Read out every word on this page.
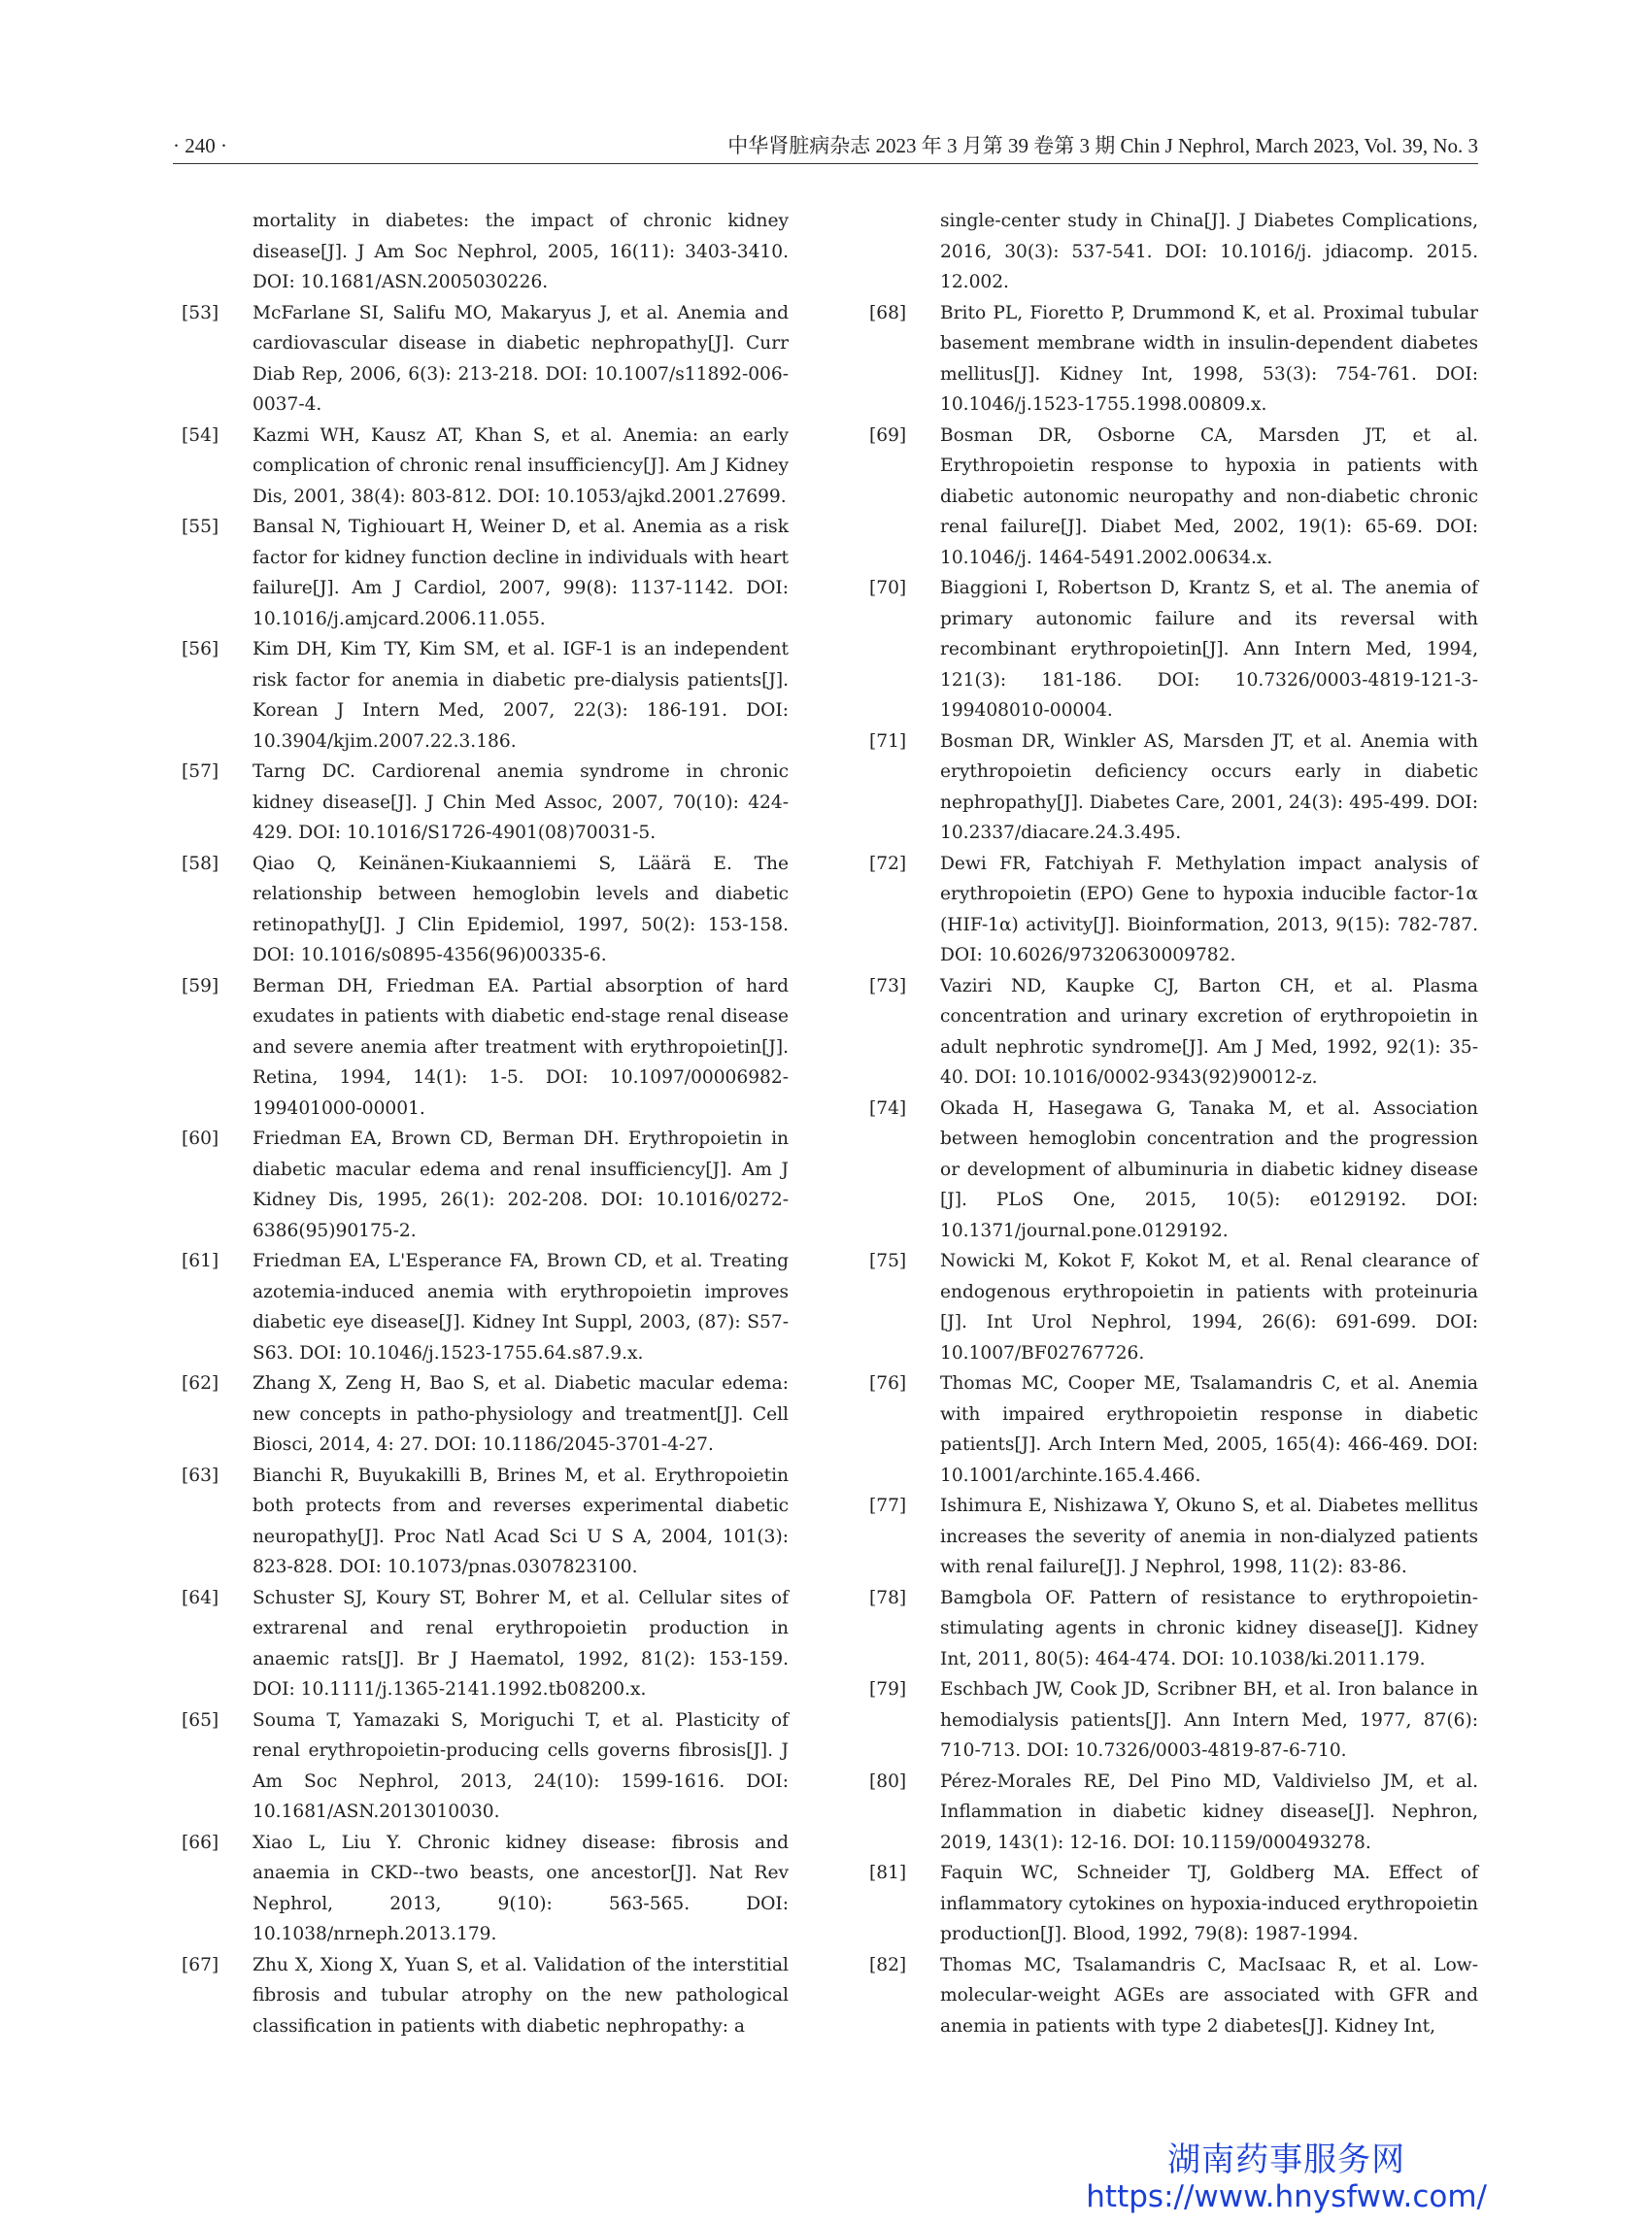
· 240 ·	中华肾脏病杂志 2023 年 3 月第 39 卷第 3 期 Chin J Nephrol, March 2023, Vol. 39, No. 3
mortality in diabetes: the impact of chronic kidney disease[J]. J Am Soc Nephrol, 2005, 16(11): 3403-3410. DOI: 10.1681/ASN.2005030226.
[53]	McFarlane SI, Salifu MO, Makaryus J, et al. Anemia and cardiovascular disease in diabetic nephropathy[J]. Curr Diab Rep, 2006, 6(3): 213-218. DOI: 10.1007/s11892-006-0037-4.
[54]	Kazmi WH, Kausz AT, Khan S, et al. Anemia: an early complication of chronic renal insufficiency[J]. Am J Kidney Dis, 2001, 38(4): 803-812. DOI: 10.1053/ajkd.2001.27699.
[55]	Bansal N, Tighiouart H, Weiner D, et al. Anemia as a risk factor for kidney function decline in individuals with heart failure[J]. Am J Cardiol, 2007, 99(8): 1137-1142. DOI: 10.1016/j.amjcard.2006.11.055.
[56]	Kim DH, Kim TY, Kim SM, et al. IGF-1 is an independent risk factor for anemia in diabetic pre-dialysis patients[J]. Korean J Intern Med, 2007, 22(3): 186-191. DOI: 10.3904/kjim.2007.22.3.186.
[57]	Tarng DC. Cardiorenal anemia syndrome in chronic kidney disease[J]. J Chin Med Assoc, 2007, 70(10): 424-429. DOI: 10.1016/S1726-4901(08)70031-5.
[58]	Qiao Q, Keinänen-Kiukaanniemi S, Läärä E. The relationship between hemoglobin levels and diabetic retinopathy[J]. J Clin Epidemiol, 1997, 50(2): 153-158. DOI: 10.1016/s0895-4356(96)00335-6.
[59]	Berman DH, Friedman EA. Partial absorption of hard exudates in patients with diabetic end-stage renal disease and severe anemia after treatment with erythropoietin[J]. Retina, 1994, 14(1): 1-5. DOI: 10.1097/00006982-199401000-00001.
[60]	Friedman EA, Brown CD, Berman DH. Erythropoietin in diabetic macular edema and renal insufficiency[J]. Am J Kidney Dis, 1995, 26(1): 202-208. DOI: 10.1016/0272-6386(95)90175-2.
[61]	Friedman EA, L'Esperance FA, Brown CD, et al. Treating azotemia-induced anemia with erythropoietin improves diabetic eye disease[J]. Kidney Int Suppl, 2003, (87): S57-S63. DOI: 10.1046/j.1523-1755.64.s87.9.x.
[62]	Zhang X, Zeng H, Bao S, et al. Diabetic macular edema: new concepts in patho-physiology and treatment[J]. Cell Biosci, 2014, 4: 27. DOI: 10.1186/2045-3701-4-27.
[63]	Bianchi R, Buyukakilli B, Brines M, et al. Erythropoietin both protects from and reverses experimental diabetic neuropathy[J]. Proc Natl Acad Sci U S A, 2004, 101(3): 823-828. DOI: 10.1073/pnas.0307823100.
[64]	Schuster SJ, Koury ST, Bohrer M, et al. Cellular sites of extrarenal and renal erythropoietin production in anaemic rats[J]. Br J Haematol, 1992, 81(2): 153-159. DOI: 10.1111/j.1365-2141.1992.tb08200.x.
[65]	Souma T, Yamazaki S, Moriguchi T, et al. Plasticity of renal erythropoietin-producing cells governs fibrosis[J]. J Am Soc Nephrol, 2013, 24(10): 1599-1616. DOI: 10.1681/ASN.2013010030.
[66]	Xiao L, Liu Y. Chronic kidney disease: fibrosis and anaemia in CKD--two beasts, one ancestor[J]. Nat Rev Nephrol, 2013, 9(10): 563-565. DOI: 10.1038/nrneph.2013.179.
[67]	Zhu X, Xiong X, Yuan S, et al. Validation of the interstitial fibrosis and tubular atrophy on the new pathological classification in patients with diabetic nephropathy: a
single-center study in China[J]. J Diabetes Complications, 2016, 30(3): 537-541. DOI: 10.1016/j. jdiacomp. 2015. 12.002.
[68]	Brito PL, Fioretto P, Drummond K, et al. Proximal tubular basement membrane width in insulin-dependent diabetes mellitus[J]. Kidney Int, 1998, 53(3): 754-761. DOI: 10.1046/j.1523-1755.1998.00809.x.
[69]	Bosman DR, Osborne CA, Marsden JT, et al. Erythropoietin response to hypoxia in patients with diabetic autonomic neuropathy and non-diabetic chronic renal failure[J]. Diabet Med, 2002, 19(1): 65-69. DOI: 10.1046/j. 1464-5491.2002.00634.x.
[70]	Biaggioni I, Robertson D, Krantz S, et al. The anemia of primary autonomic failure and its reversal with recombinant erythropoietin[J]. Ann Intern Med, 1994, 121(3): 181-186. DOI: 10.7326/0003-4819-121-3-199408010-00004.
[71]	Bosman DR, Winkler AS, Marsden JT, et al. Anemia with erythropoietin deficiency occurs early in diabetic nephropathy[J]. Diabetes Care, 2001, 24(3): 495-499. DOI: 10.2337/diacare.24.3.495.
[72]	Dewi FR, Fatchiyah F. Methylation impact analysis of erythropoietin (EPO) Gene to hypoxia inducible factor-1α (HIF-1α) activity[J]. Bioinformation, 2013, 9(15): 782-787. DOI: 10.6026/97320630009782.
[73]	Vaziri ND, Kaupke CJ, Barton CH, et al. Plasma concentration and urinary excretion of erythropoietin in adult nephrotic syndrome[J]. Am J Med, 1992, 92(1): 35-40. DOI: 10.1016/0002-9343(92)90012-z.
[74]	Okada H, Hasegawa G, Tanaka M, et al. Association between hemoglobin concentration and the progression or development of albuminuria in diabetic kidney disease [J]. PLoS One, 2015, 10(5): e0129192. DOI: 10.1371/journal.pone.0129192.
[75]	Nowicki M, Kokot F, Kokot M, et al. Renal clearance of endogenous erythropoietin in patients with proteinuria [J]. Int Urol Nephrol, 1994, 26(6): 691-699. DOI: 10.1007/BF02767726.
[76]	Thomas MC, Cooper ME, Tsalamandris C, et al. Anemia with impaired erythropoietin response in diabetic patients[J]. Arch Intern Med, 2005, 165(4): 466-469. DOI: 10.1001/archinte.165.4.466.
[77]	Ishimura E, Nishizawa Y, Okuno S, et al. Diabetes mellitus increases the severity of anemia in non-dialyzed patients with renal failure[J]. J Nephrol, 1998, 11(2): 83-86.
[78]	Bamgbola OF. Pattern of resistance to erythropoietin-stimulating agents in chronic kidney disease[J]. Kidney Int, 2011, 80(5): 464-474. DOI: 10.1038/ki.2011.179.
[79]	Eschbach JW, Cook JD, Scribner BH, et al. Iron balance in hemodialysis patients[J]. Ann Intern Med, 1977, 87(6): 710-713. DOI: 10.7326/0003-4819-87-6-710.
[80]	Pérez-Morales RE, Del Pino MD, Valdivielso JM, et al. Inflammation in diabetic kidney disease[J]. Nephron, 2019, 143(1): 12-16. DOI: 10.1159/000493278.
[81]	Faquin WC, Schneider TJ, Goldberg MA. Effect of inflammatory cytokines on hypoxia-induced erythropoietin production[J]. Blood, 1992, 79(8): 1987-1994.
[82]	Thomas MC, Tsalamandris C, MacIsaac R, et al. Low-molecular-weight AGEs are associated with GFR and anemia in patients with type 2 diabetes[J]. Kidney Int,
湖南药事服务网
https://www.hnysfww.com/
